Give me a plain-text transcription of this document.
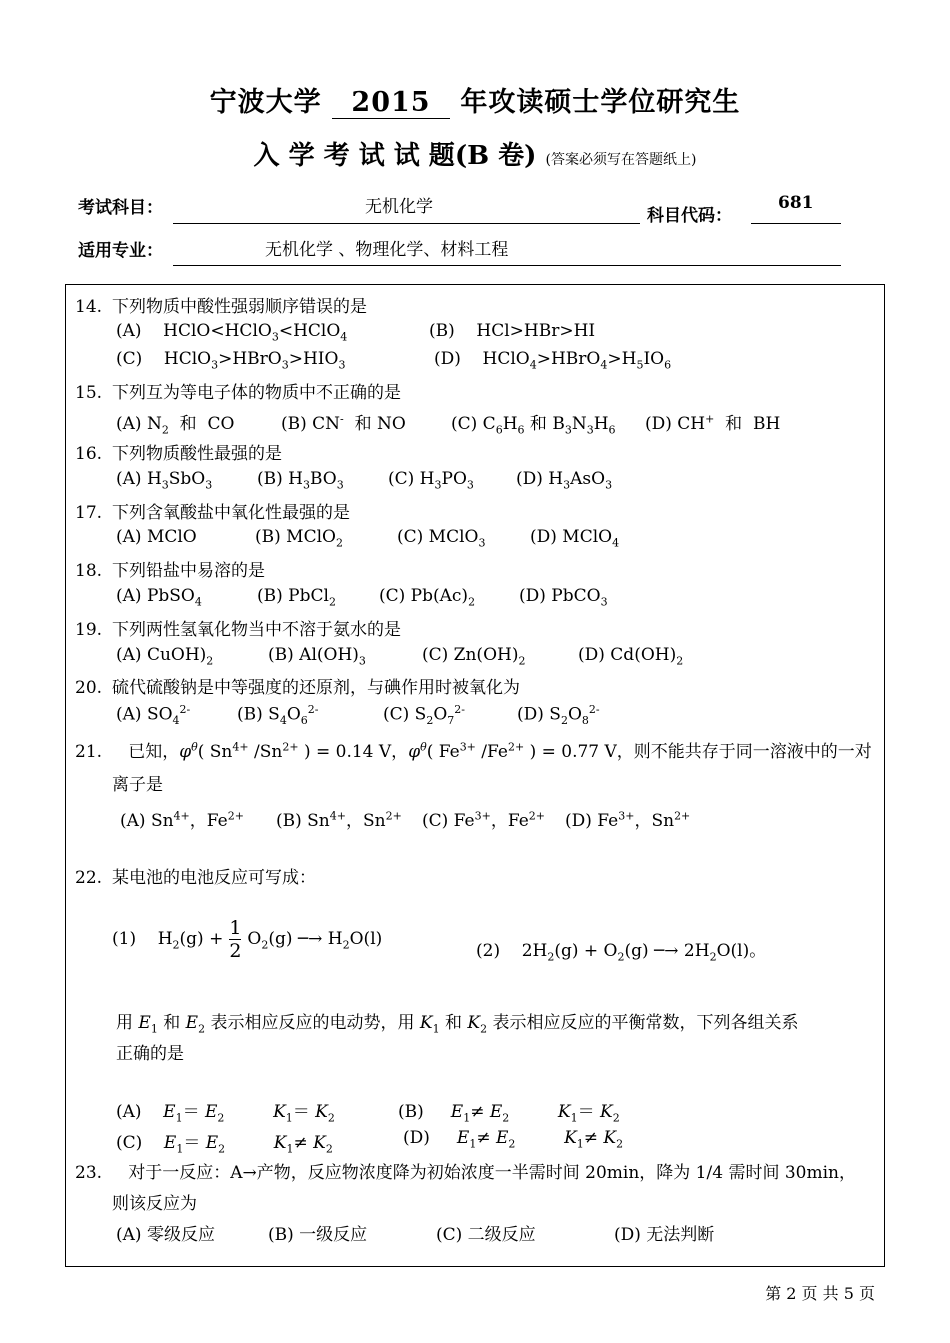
宁波大学 2015 年攻读硕士学位研究生
入 学 考 试 试 题(B 卷) (答案必须写在答题纸上)
考试科目：	无机化学	科目代码：
681
适用专业：	无机化学 、物理化学、材料工程
14. 下列物质中酸性强弱顺序错误的是
(A)    HClO<HClO$_3$<HClO$_4$	(B)    HCl>HBr>HI
(C)    $HClO_3>HBrO_3>HIO_3$	(D)    $HClO_4>HBrO_4>H_5IO_6$
15. 下列互为等电子体的物质中不正确的是
(A) $N_2$  和  CO	(B) CN-  和 NO	(C) $C_6H_6$ 和 $B_3N_3H_6$ (D) CH+  和  BH
16. 下列物质酸性最强的是
(A) $H_3SbO_3$	(B) $H_3BO_3$	(C) $H_3PO_3$ (D) $H_3AsO_3$
17. 下列含氧酸盐中氧化性最强的是
(A) MClO	(B) MClO$_2$	(C) MClO$_3$	(D) MClO$_4$
18. 下列铅盐中易溶的是
(A) PbSO$_4$	(B) PbCl$_2$	(C) $Pb(Ac)_2$	(D) PbCO$_3$
19. 下列两性氢氧化物当中不溶于氨水的是
(A) $CuOH)_2$	(B) $Al(OH)_3$	(C) $Zn(OH)_2$	(D) $Cd(OH)_2$
20. 硫代硫酸钠是中等强度的还原剂，与碘作用时被氧化为
(A) $SO_4^{2-}$	(B) $S_4O_6^{2-}$	(C) $S_2O_7^{2-}$	(D) $S_2O_8^{2-}$
21.   已知，$\varphi^\theta$( $Sn^{4+}$ $/Sn^{2+}$ ) = 0.14 V，$\varphi^\theta$( $Fe^{3+}$ $/Fe^{2+}$ ) = 0.77 V，则不能共存于同一溶液中的一对
离子是
(A) $Sn^{4+}$，$Fe^{2+}$ (B) $Sn^{4+}$，$Sn^{2+}$ (C) $Fe^{3+}$，$Fe^{2+}$ (D) $Fe^{3+}$，$Sn^{2+}$
22. 某电池的电池反应可写成：
(1)    $H_2(g) + \frac{1}{2} O_2(g)$ ─→ $H_2O(l)$
(2)    $2H_2(g) + O_2(g)$ ─→ $2H_2O(l)$。
用 $E_1$ 和 $E_2$ 表示相应反应的电动势，用 $K_1$ 和 $K_2$ 表示相应反应的平衡常数，下列各组关系
正确的是
(A)    $E_1= E_2$	$K_1= K_2$	(B)     $E_1\ne E_2$	$K_1= K_2$
(C)    $E_1= E_2$	$K_1\ne K_2$
(D)     $E_1\ne E_2$	$K_1\ne K_2$
23.   对于一反应：A→产物，反应物浓度降为初始浓度一半需时间 20min，降为 1/4 需时间 30min，
则该反应为
(A) 零级反应	(B) 一级反应	(C) 二级反应	(D) 无法判断
第 2 页 共 5 页
